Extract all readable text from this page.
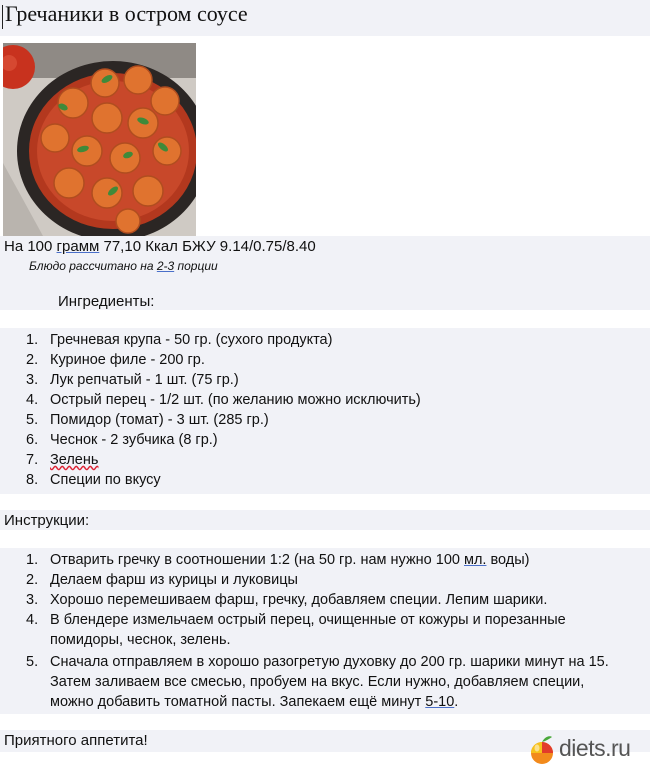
Гречаники в остром соусе
На 100 грамм 77,10 Ккал БЖУ 9.14/0.75/8.40
Блюдо рассчитано на 2-3 порции
Ингредиенты:
1. Гречневая крупа - 50 гр. (сухого продукта)
2. Куриное филе - 200 гр.
3. Лук репчатый - 1 шт. (75 гр.)
4. Острый перец - 1/2 шт. (по желанию можно исключить)
5. Помидор (томат) - 3 шт. (285 гр.)
6. Чеснок - 2 зубчика (8 гр.)
7. Зелень
8. Специи по вкусу
Инструкции:
1. Отварить гречку в соотношении 1:2 (на 50 гр. нам нужно 100 мл. воды)
2. Делаем фарш из курицы и луковицы
3. Хорошо перемешиваем фарш, гречку, добавляем специи. Лепим шарики.
4. В блендере измельчаем острый перец, очищенные от кожуры и порезанные помидоры, чеснок, зелень.
5. Сначала отправляем в хорошо разогретую духовку до 200 гр. шарики минут на 15. Затем заливаем все смесью, пробуем на вкус. Если нужно, добавляем специи, можно добавить томатной пасты. Запекаем ещё минут 5-10.
Приятного аппетита!	diets.ru
